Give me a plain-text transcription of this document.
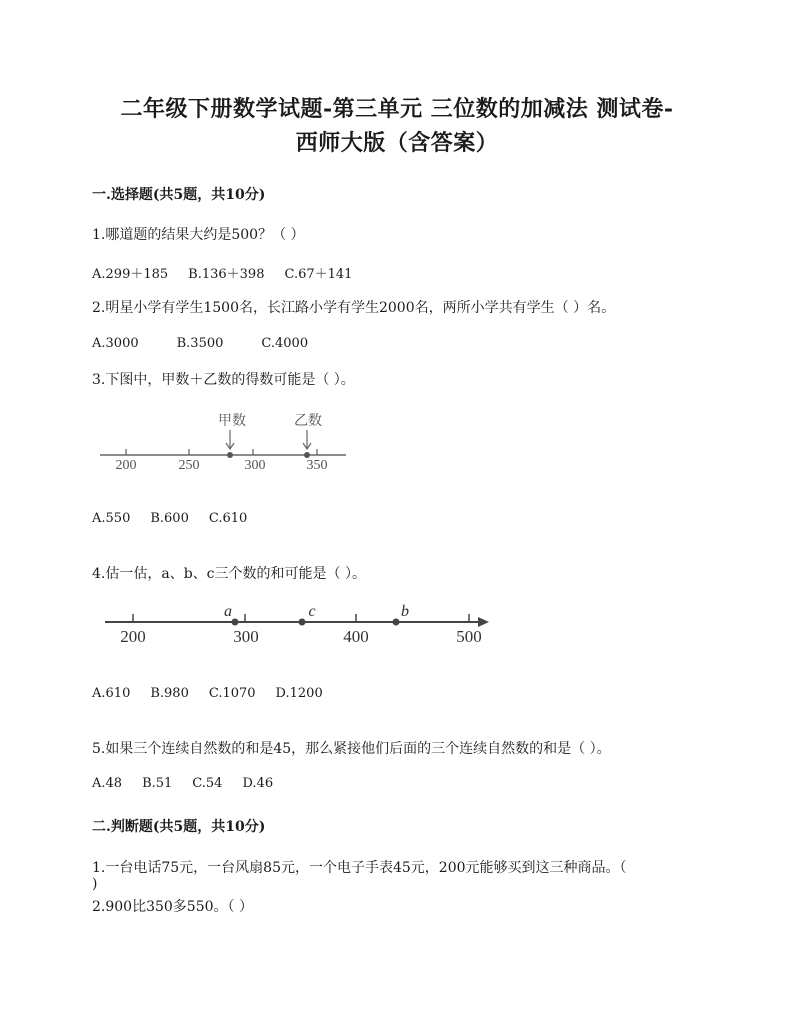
二年级下册数学试题-第三单元 三位数的加减法 测试卷-
西师大版（含答案）
一.选择题(共5题，共10分)
1.哪道题的结果大约是500？（ ）
A.299＋185 B.136＋398 C.67＋141
2.明星小学有学生1500名，长江路小学有学生2000名，两所小学共有学生（ ）名。
A.3000	B.3500	C.4000
3.下图中，甲数＋乙数的得数可能是（ ）。
甲数	乙数
200	250	300	350
A.550 B.600 C.610
4.估一估，a、b、c三个数的和可能是（ ）。
a	c	b
200	300	400	500
A.610 B.980 C.1070 D.1200
5.如果三个连续自然数的和是45，那么紧接他们后面的三个连续自然数的和是（ ）。
A.48 B.51 C.54 D.46
二.判断题(共5题，共10分)
1.一台电话75元，一台风扇85元，一个电子手表45元，200元能够买到这三种商品。（
)
2.900比350多550。（ ）
